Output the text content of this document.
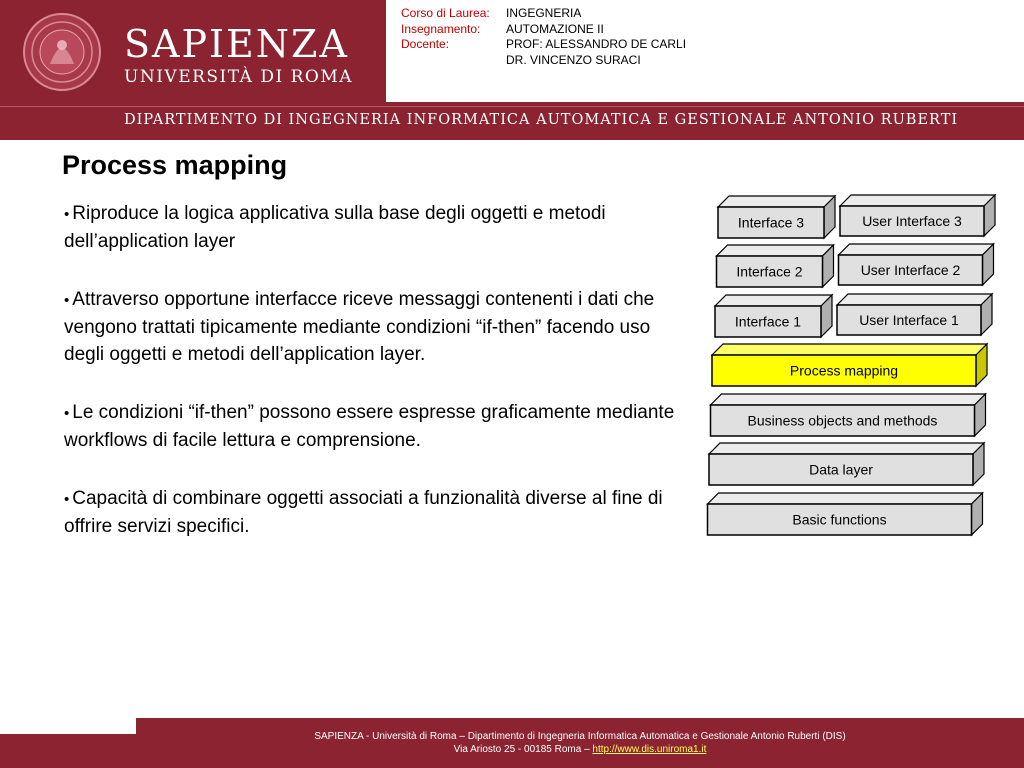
SAPIENZA
UNIVERSITÀ DI ROMA
Corso di Laurea:	INGEGNERIA
Insegnamento:	AUTOMAZIONE II
Docente:	PROF: ALESSANDRO DE CARLI
DR. VINCENZO SURACI
DIPARTIMENTO DI INGEGNERIA INFORMATICA AUTOMATICA E GESTIONALE ANTONIO RUBERTI
Process mapping

• Riproduce la logica applicativa sulla base degli oggetti e metodi dell’application layer

• Attraverso opportune interfacce riceve messaggi contenenti i dati che vengono trattati tipicamente mediante condizioni “if-then” facendo uso degli oggetti e metodi dell’application layer.

• Le condizioni “if-then” possono essere espresse graficamente mediante workflows di facile lettura e comprensione.

• Capacità di combinare oggetti associati a funzionalità diverse al fine di offrire servizi specifici.

Interface 3	User Interface 3
Interface 2	User Interface 2
Interface 1	User Interface 1
Process mapping
Business objects and methods
Data layer
Basic functions
SAPIENZA - Università di Roma – Dipartimento di Ingegneria Informatica Automatica e Gestionale Antonio Ruberti (DIS)
Via Ariosto 25 - 00185 Roma – http://www.dis.uniroma1.it
